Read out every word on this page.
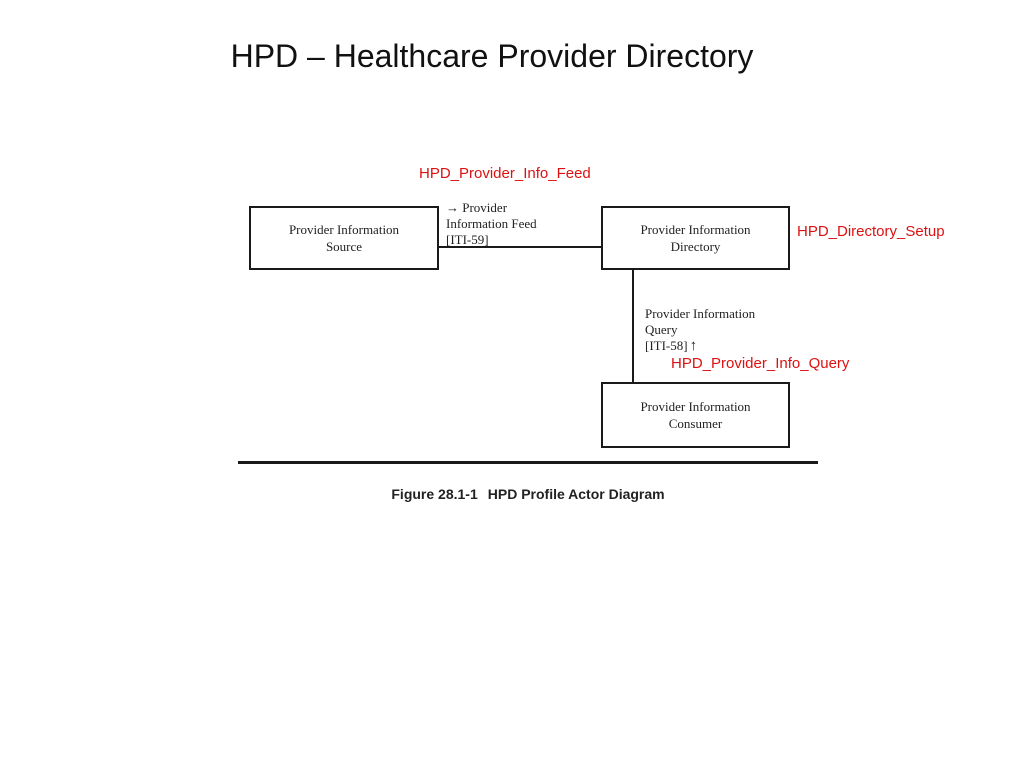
HPD – Healthcare Provider Directory
HPD_Provider_Info_Feed
HPD_Directory_Setup
HPD_Provider_Info_Query
Provider Information
Source
Provider Information
Directory
Provider Information
Consumer
→ Provider
Information Feed
[ITI-59]
Provider Information
Query
[ITI-58] ↑
Figure 28.1-1 HPD Profile Actor Diagram
